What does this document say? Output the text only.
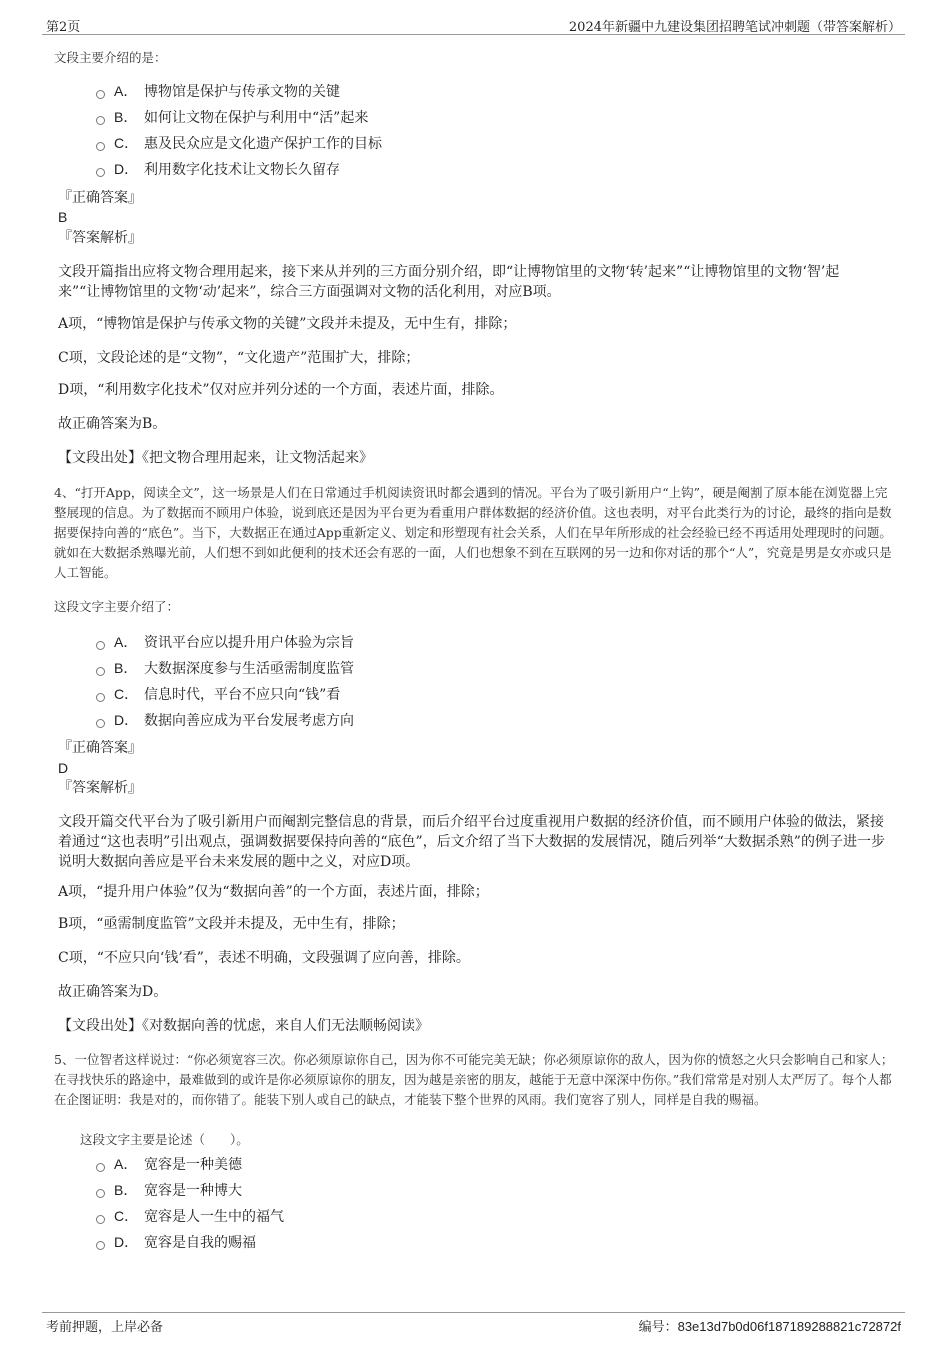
第2页	2024年新疆中九建设集团招聘笔试冲刺题（带答案解析）
文段主要介绍的是：
A． 博物馆是保护与传承文物的关键
B． 如何让文物在保护与利用中“活”起来
C． 惠及民众应是文化遗产保护工作的目标
D． 利用数字化技术让文物长久留存
『正确答案』
B
『答案解析』
文段开篇指出应将文物合理用起来，接下来从并列的三方面分别介绍，即“让博物馆里的文物‘转’起来”“让博物馆里的文物‘智’起来”“让博物馆里的文物‘动’起来”，综合三方面强调对文物的活化利用，对应B项。
A项，“博物馆是保护与传承文物的关键”文段并未提及，无中生有，排除；
C项，文段论述的是“文物”，“文化遗产”范围扩大，排除；
D项，“利用数字化技术”仅对应并列分述的一个方面，表述片面，排除。
故正确答案为B。
【文段出处】《把文物合理用起来，让文物活起来》
4、“打开App，阅读全文”，这一场景是人们在日常通过手机阅读资讯时都会遇到的情况。平台为了吸引新用户“上钩”，硬是阉割了原本能在浏览器上完整展现的信息。为了数据而不顾用户体验，说到底还是因为平台更为看重用户群体数据的经济价值。这也表明，对平台此类行为的讨论，最终的指向是数据要保持向善的“底色”。当下，大数据正在通过App重新定义、划定和形塑现有社会关系，人们在早年所形成的社会经验已经不再适用处理现时的问题。就如在大数据杀熟曝光前，人们想不到如此便利的技术还会有恶的一面，人们也想象不到在互联网的另一边和你对话的那个“人”，究竟是男是女亦或只是人工智能。
这段文字主要介绍了：
A． 资讯平台应以提升用户体验为宗旨
B． 大数据深度参与生活亟需制度监管
C． 信息时代，平台不应只向“钱”看
D． 数据向善应成为平台发展考虑方向
『正确答案』
D
『答案解析』
文段开篇交代平台为了吸引新用户而阉割完整信息的背景，而后介绍平台过度重视用户数据的经济价值，而不顾用户体验的做法，紧接着通过“这也表明”引出观点，强调数据要保持向善的“底色”，后文介绍了当下大数据的发展情况，随后列举“大数据杀熟”的例子进一步说明大数据向善应是平台未来发展的题中之义，对应D项。
A项，“提升用户体验”仅为“数据向善”的一个方面，表述片面，排除；
B项，“亟需制度监管”文段并未提及，无中生有，排除；
C项，“不应只向‘钱’看”，表述不明确，文段强调了应向善，排除。
故正确答案为D。
【文段出处】《对数据向善的忧虑，来自人们无法顺畅阅读》
5、一位智者这样说过：“你必须宽容三次。你必须原谅你自己，因为你不可能完美无缺；你必须原谅你的敌人，因为你的愤怒之火只会影响自己和家人；在寻找快乐的路途中，最难做到的或许是你必须原谅你的朋友，因为越是亲密的朋友，越能于无意中深深中伤你。”我们常常是对别人太严厉了。每个人都在企图证明：我是对的，而你错了。能装下别人或自己的缺点，才能装下整个世界的风雨。我们宽容了别人，同样是自我的赐福。
这段文字主要是论述（　　）。
A． 宽容是一种美德
B． 宽容是一种博大
C． 宽容是人一生中的福气
D． 宽容是自我的赐福
考前押题，上岸必备	编号：83e13d7b0d06f187189288821c72872f
